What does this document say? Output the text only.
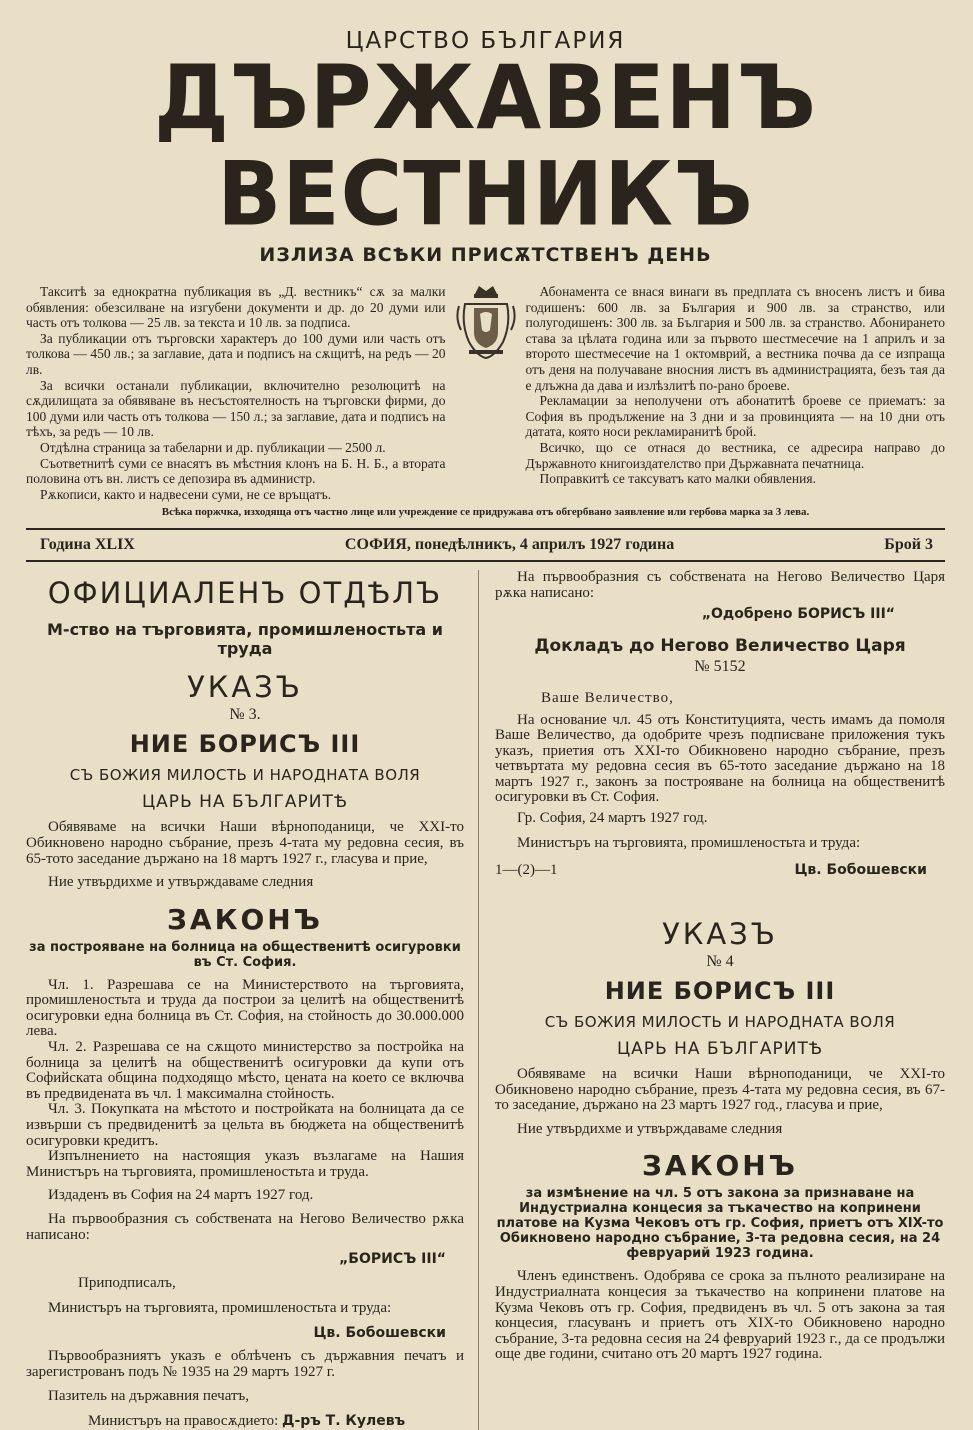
ЦАРСТВО БЪЛГАРИЯ
ДЪРЖАВЕНЪ ВЕСТНИКЪ
ИЗЛИЗА ВСѢКИ ПРИСѪТСТВЕНЪ ДЕНЬ

Такситѣ за еднократна публикация въ „Д. вестникъ“ сѫ за малки обявления: обезсилване на изгубени документи и др. до 20 думи или часть отъ толкова — 25 лв. за текста и 10 лв. за подписа.

За публикации отъ търговски характеръ до 100 думи или часть отъ толкова — 450 лв.; за заглавие, дата и подписъ на сѫщитѣ, на редъ — 20 лв.

За всички останали публикации, включително резолюцитѣ на сѫдилищата за обявяване въ несъстоятелность на търговски фирми, до 100 думи или часть отъ толкова — 150 л.; за заглавие, дата и подписъ на тѣхъ, за редъ — 10 лв.

Отдѣлна страница за табеларни и др. публикации — 2500 л.

Съответнитѣ суми се внасятъ въ мѣстния клонъ на Б. Н. Б., а втората половина отъ вн. листъ се депозира въ администр.

Рѫкописи, както и надвесени суми, не се връщатъ.

Абонамента се внася винаги въ предплата съ вносенъ листъ и бива годишенъ: 600 лв. за България и 900 лв. за странство, или полугодишенъ: 300 лв. за България и 500 лв. за странство. Абонирането става за цѣлата година или за първото шестмесечие на 1 априлъ и за второто шестмесечие на 1 октомврий, а вестника почва да се изпраща отъ деня на получаване вносния листъ въ администрацията, безъ тая да е длъжна да дава и излѣзлитѣ по-рано броеве.

Рекламации за неполучени отъ абонатитѣ броеве се приематъ: за София въ продължение на 3 дни и за провинцията — на 10 дни отъ датата, която носи рекламиранитѣ брой.

Всичко, що се отнася до вестника, се адресира направо до Държавното книгоиздателство при Държавната печатница.

Поправкитѣ се таксуватъ като малки обявления.

Всѣка поржчка, изходяща отъ частно лице или учреждение се придружава отъ обгербвано заявление или гербова марка за 3 лева.
Година XLIX	СОФИЯ, понедѣлникъ, 4 априлъ 1927 година	Брой 3
ОФИЦИАЛЕНЪ ОТДѢЛЪ
М-ство на търговията, промишленостьта и труда
УКАЗЪ
№ 3.
НИЕ БОРИСЪ III
СЪ БОЖИЯ МИЛОСТЬ И НАРОДНАТА ВОЛЯ
ЦАРЬ НА БЪЛГАРИТѢ

Обявяваме на всички Наши вѣрноподаници, че XXI-то Обикновено народно събрание, презъ 4-тата му редовна сесия, въ 65-тото заседание държано на 18 мартъ 1927 г., гласува и прие,

Ние утвърдихме и утвърждаваме следния

ЗАКОНЪ
за построяване на болница на общественитѣ осигуровки въ Ст. София.

Чл. 1. Разрешава се на Министерството на търговията, промишленостьта и труда да построи за целитѣ на общественитѣ осигуровки една болница въ Ст. София, на стойность до 30.000.000 лева.

Чл. 2. Разрешава се на сѫщото министерство за постройка на болница за целитѣ на общественитѣ осигуровки да купи отъ Софийската община подходящо мѣсто, цената на което се включва въ предвидената въ чл. 1 максимална стойность.

Чл. 3. Покупката на мѣстото и постройката на болницата да се извърши съ предвиденитѣ за цельта въ бюджета на общественитѣ осигуровки кредитъ.

Изпълнението на настоящия указъ възлагаме на Нашия Министъръ на търговията, промишленостьта и труда.

Издаденъ въ София на 24 мартъ 1927 год.

На първообразния съ собствената на Негово Величество рѫка написано:

„БОРИСЪ III“
Приподписалъ,
Министъръ на търговията, промишленостьта и труда:
Цв. Бобошевски

Първообразниятъ указъ е облѣченъ съ държавния печатъ и зарегистрованъ подъ № 1935 на 29 мартъ 1927 г.

Пазитель на държавния печатъ,
Министъръ на правосѫдието: Д-ръ Т. Кулевъ

На първообразния съ собствената на Негово Величество Царя рѫка написано:

„Одобрено БОРИСЪ III“
Докладъ до Негово Величество Царя
№ 5152
Ваше Величество,

На основание чл. 45 отъ Конституцията, честь имамъ да помоля Ваше Величество, да одобрите чрезъ подписване приложения тукъ указъ, приетия отъ XXI-то Обикновено народно събрание, презъ четвъртата му редовна сесия въ 65-тото заседание държано на 18 мартъ 1927 г., законъ за построяване на болница на общественитѣ осигуровки въ Ст. София.

Гр. София, 24 мартъ 1927 год.
Министъръ на търговията, промишленостьта и труда:
1—(2)—1	Цв. Бобошевски
УКАЗЪ
№ 4
НИЕ БОРИСЪ III
СЪ БОЖИЯ МИЛОСТЬ И НАРОДНАТА ВОЛЯ
ЦАРЬ НА БЪЛГАРИТѢ

Обявяваме на всички Наши вѣрноподаници, че XXI-то Обикновено народно събрание, презъ 4-тата му редовна сесия, въ 67-то заседание, държано на 23 мартъ 1927 год., гласува и прие,

Ние утвърдихме и утвърждаваме следния

ЗАКОНЪ
за измѣнение на чл. 5 отъ закона за признаване на Индустриална концесия за тъкачество на копринени платове на Кузма Чековъ отъ гр. София, приетъ отъ XIX-то Обикновено народно събрание, 3-та редовна сесия, на 24 февруарий 1923 година.

Членъ единственъ. Одобрява се срока за пълното реализиране на Индустриалната концесия за тъкачество на копринени платове на Кузма Чековъ отъ гр. София, предвиденъ въ чл. 5 отъ закона за тая концесия, гласуванъ и приетъ отъ XIX-то Обикновено народно събрание, 3-та редовна сесия на 24 февруарий 1923 г., да се продължи още две години, считано отъ 20 мартъ 1927 година.
